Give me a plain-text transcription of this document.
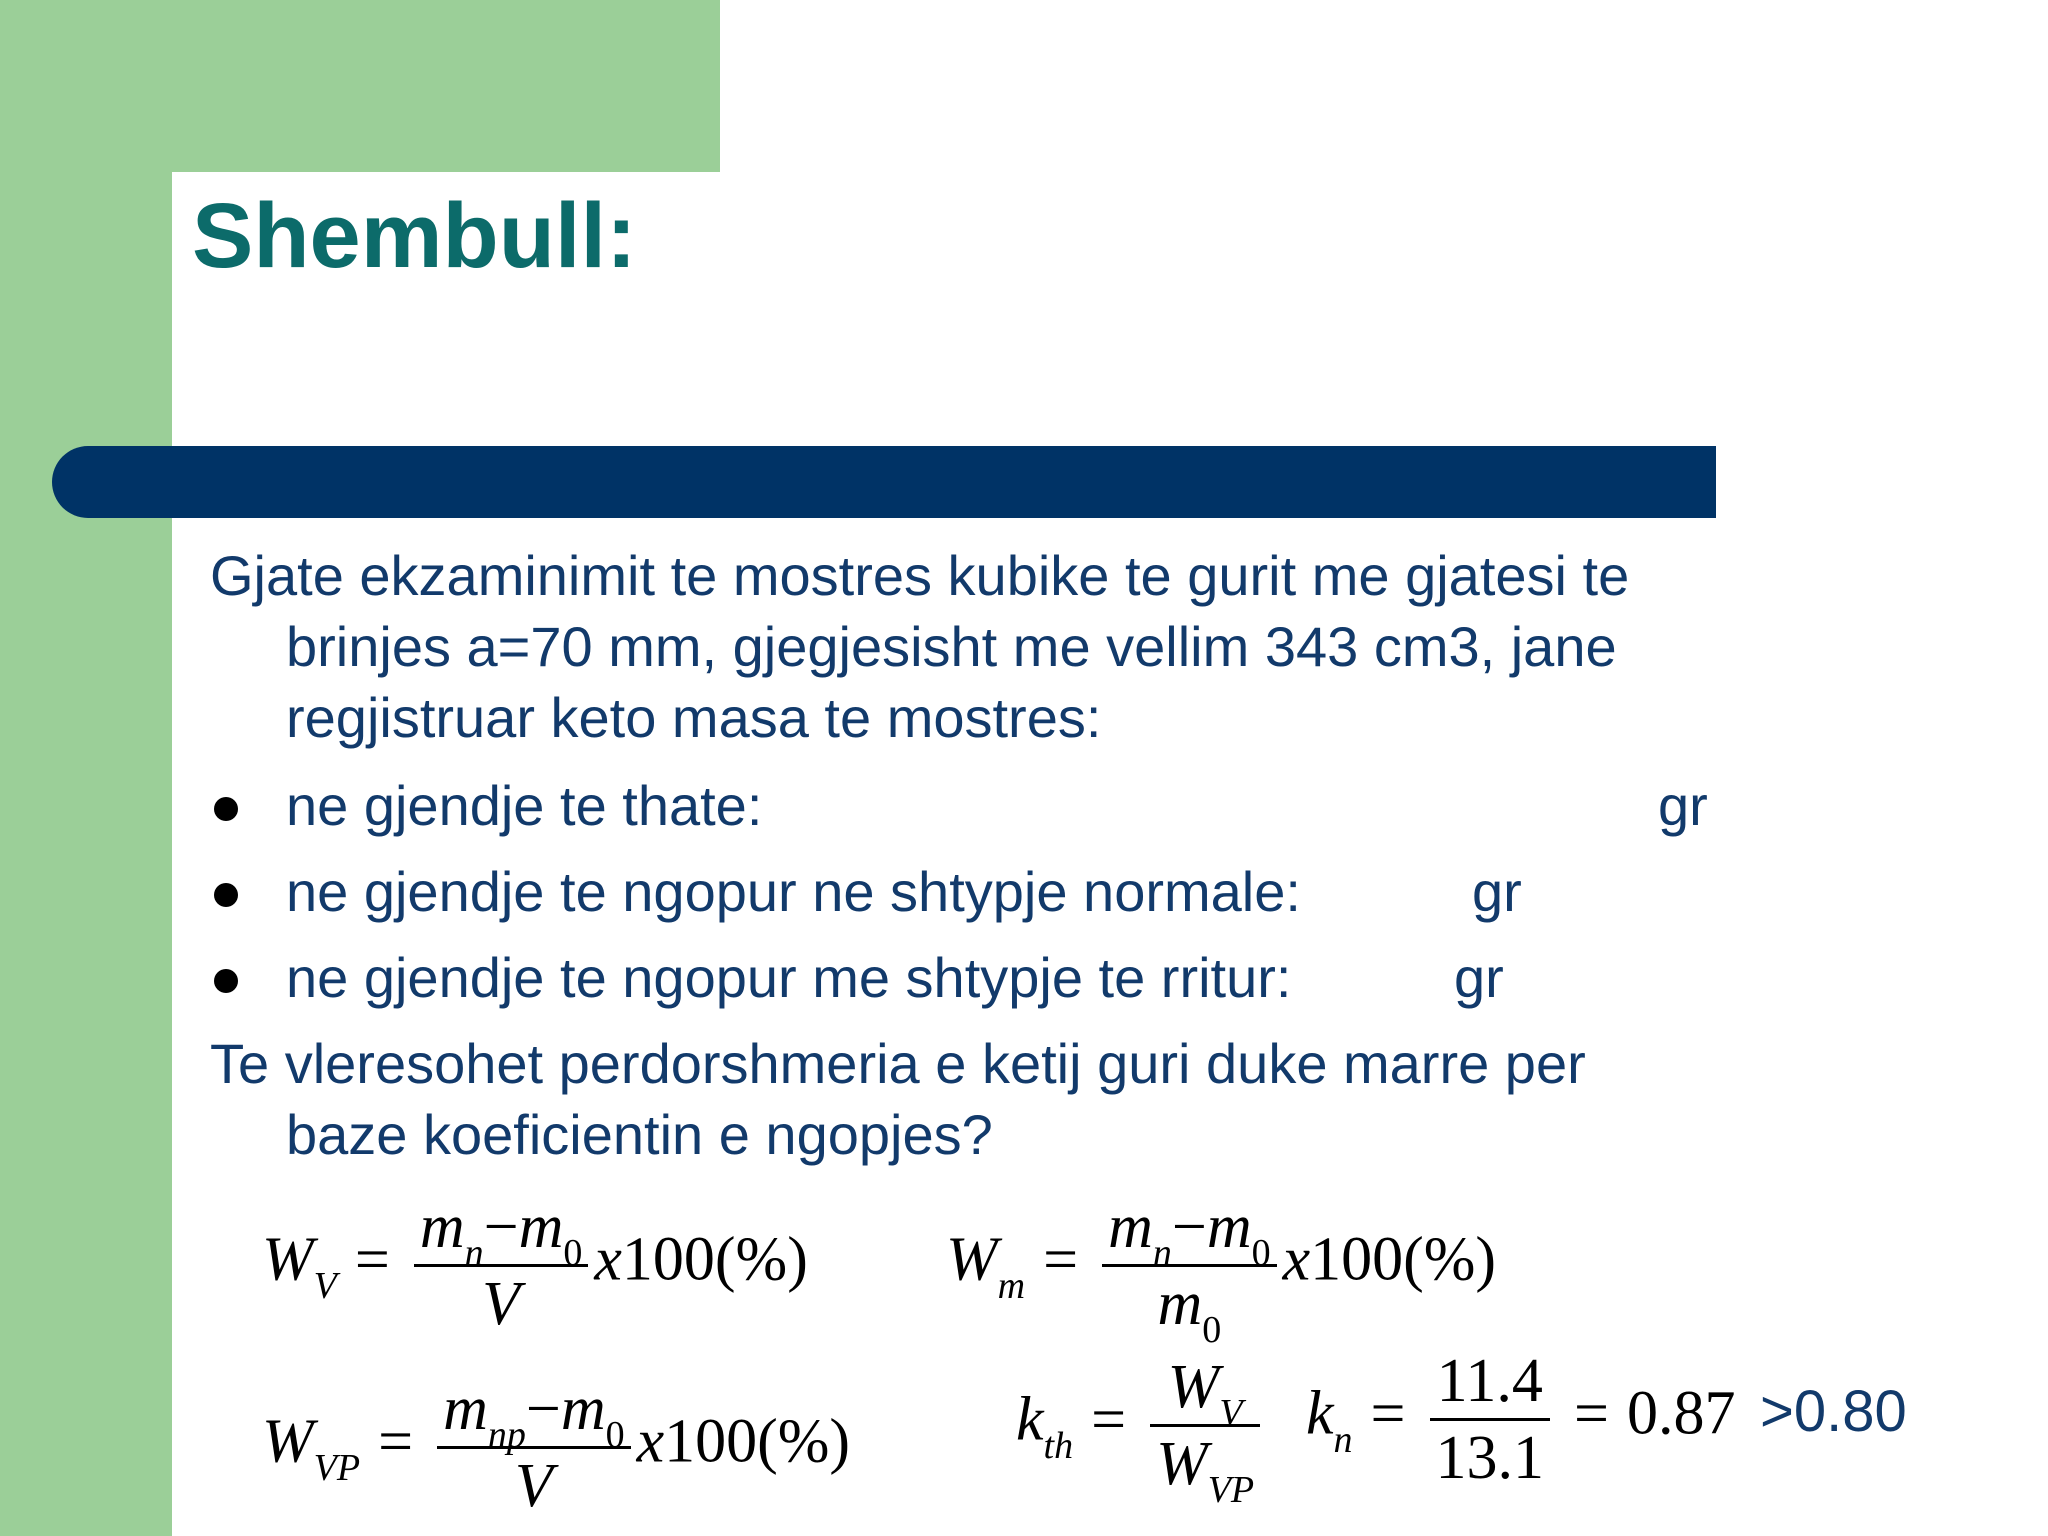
Shembull:
Gjate ekzaminimit te mostres kubike te gurit me gjatesi te
brinjes a=70 mm, gjegjesisht me vellim 343 cm3, jane
regjistruar keto masa te mostres:
ne gjendje te thate:	gr
ne gjendje te ngopur ne shtypje normale:	gr
ne gjendje te ngopur me shtypje te rritur:	gr
Te vleresohet perdorshmeria e ketij guri duke marre per
baze koeficientin e ngopjes?
$W_V = \frac{m_n-m_0}{V} x100(\%) W_m = \frac{m_n-m_0}{m_0} x100(\%)$
$W_{VP} = \frac{m_{np}-m_0}{V} x100(\%)$	$k_{th} = \frac{W_V}{W_{VP}} k_n = \frac{11.4}{13.1} = 0.87 >0.80$
